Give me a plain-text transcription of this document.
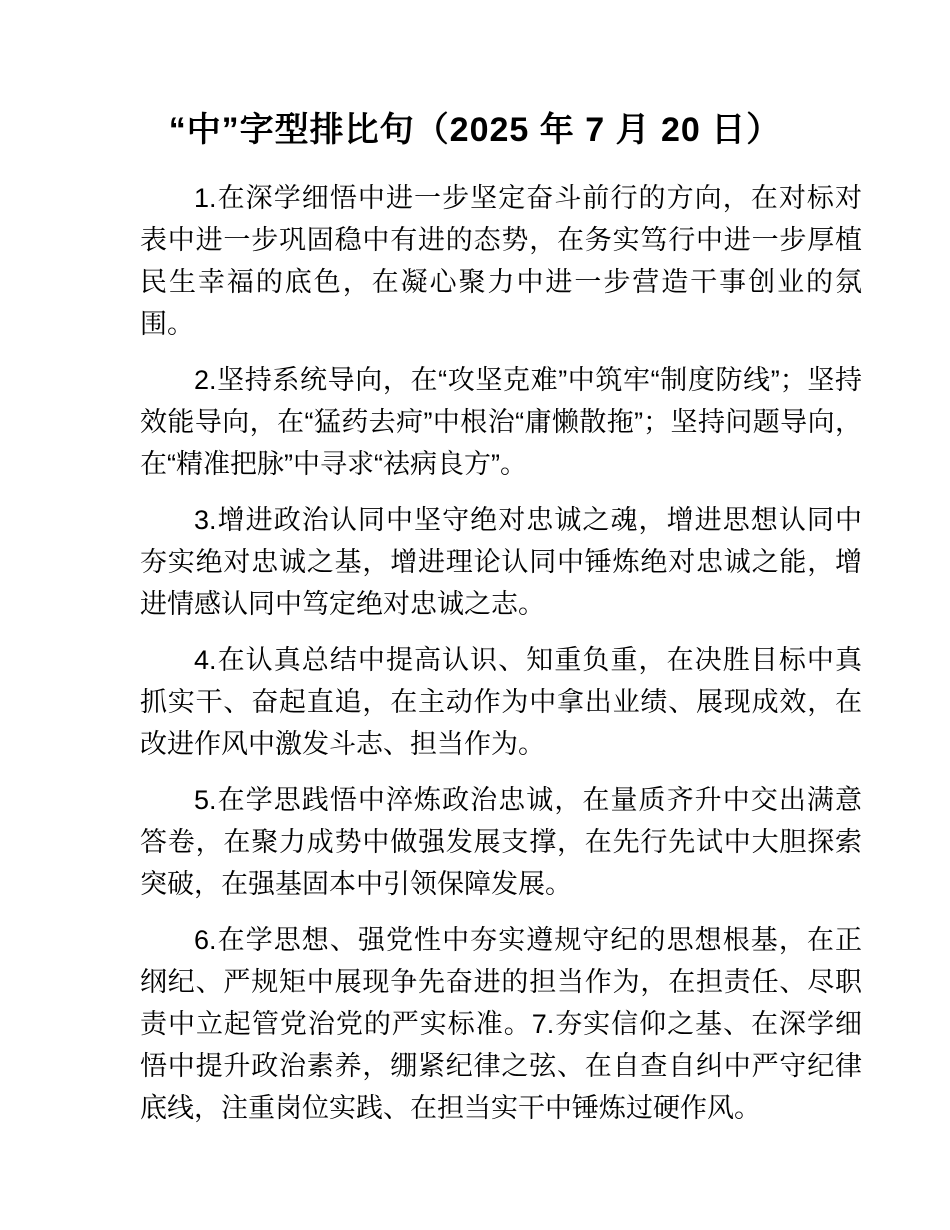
“中”字型排比句（2025 年 7 月 20 日）

1.在深学细悟中进一步坚定奋斗前行的方向，在对标对表中进一步巩固稳中有进的态势，在务实笃行中进一步厚植民生幸福的底色，在凝心聚力中进一步营造干事创业的氛围。

2.坚持系统导向，在“攻坚克难”中筑牢“制度防线”；坚持效能导向，在“猛药去疴”中根治“庸懒散拖”；坚持问题导向，在“精准把脉”中寻求“祛病良方”。

3.增进政治认同中坚守绝对忠诚之魂，增进思想认同中夯实绝对忠诚之基，增进理论认同中锤炼绝对忠诚之能，增进情感认同中笃定绝对忠诚之志。

4.在认真总结中提高认识、知重负重，在决胜目标中真抓实干、奋起直追，在主动作为中拿出业绩、展现成效，在改进作风中激发斗志、担当作为。

5.在学思践悟中淬炼政治忠诚，在量质齐升中交出满意答卷，在聚力成势中做强发展支撑，在先行先试中大胆探索突破，在强基固本中引领保障发展。

6.在学思想、强党性中夯实遵规守纪的思想根基，在正纲纪、严规矩中展现争先奋进的担当作为，在担责任、尽职责中立起管党治党的严实标准。7.夯实信仰之基、在深学细悟中提升政治素养，绷紧纪律之弦、在自查自纠中严守纪律底线，注重岗位实践、在担当实干中锤炼过硬作风。
